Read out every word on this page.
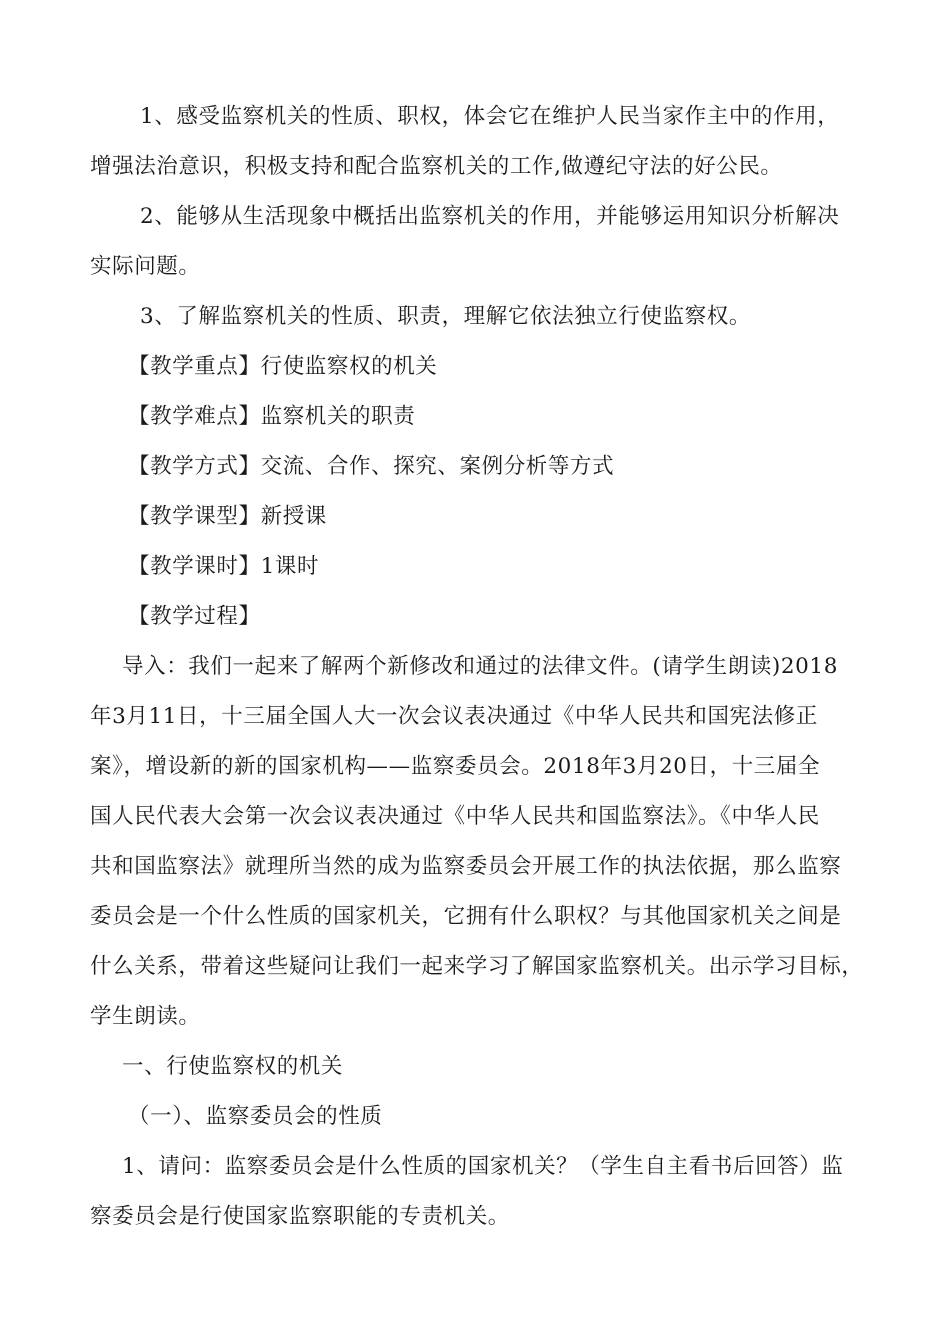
1、感受监察机关的性质、职权，体会它在维护人民当家作主中的作用，

增强法治意识，积极支持和配合监察机关的工作,做遵纪守法的好公民。

2、能够从生活现象中概括出监察机关的作用，并能够运用知识分析解决

实际问题。

3、了解监察机关的性质、职责，理解它依法独立行使监察权。

【教学重点】行使监察权的机关

【教学难点】监察机关的职责

【教学方式】交流、合作、探究、案例分析等方式

【教学课型】新授课

【教学课时】1课时

【教学过程】

导入：我们一起来了解两个新修改和通过的法律文件。(请学生朗读)2018

年3月11日，十三届全国人大一次会议表决通过《中华人民共和国宪法修正

案》，增设新的新的国家机构——监察委员会。2018年3月20日，十三届全

国人民代表大会第一次会议表决通过《中华人民共和国监察法》。《中华人民

共和国监察法》就理所当然的成为监察委员会开展工作的执法依据，那么监察

委员会是一个什么性质的国家机关，它拥有什么职权？与其他国家机关之间是

什么关系，带着这些疑问让我们一起来学习了解国家监察机关。出示学习目标，

学生朗读。

一、行使监察权的机关

（一）、监察委员会的性质

1、请问：监察委员会是什么性质的国家机关？（学生自主看书后回答）监

察委员会是行使国家监察职能的专责机关。
